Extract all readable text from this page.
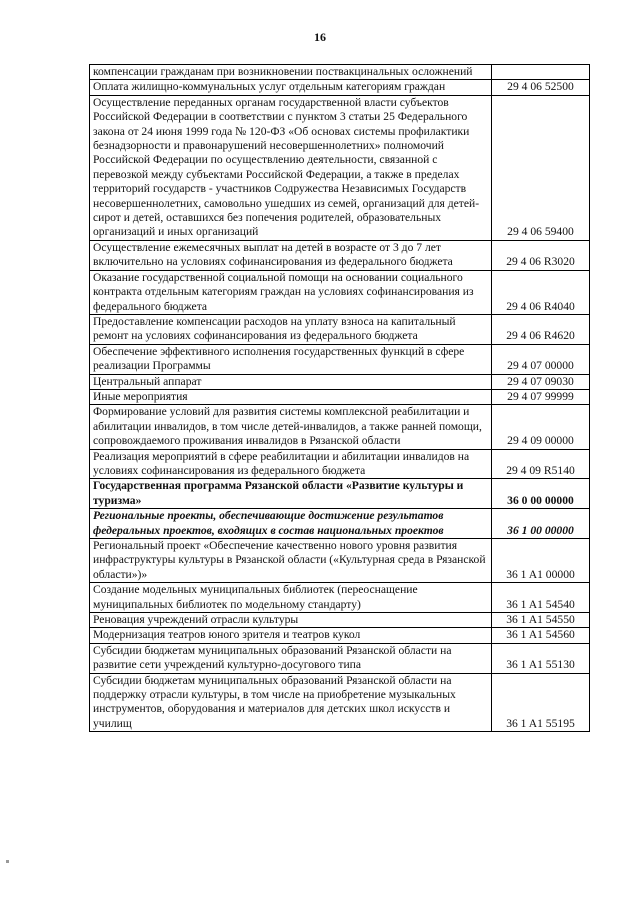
16
компенсации гражданам при возникновении поствакцинальных осложнений	
Оплата жилищно-коммунальных услуг отдельным категориям граждан	29 4 06 52500
Осуществление переданных органам государственной власти субъектов Российской Федерации в соответствии с пунктом 3 статьи 25 Федерального закона от 24 июня 1999 года № 120-ФЗ «Об основах системы профилактики безнадзорности и правонарушений несовершеннолетних» полномочий Российской Федерации по осуществлению деятельности, связанной с перевозкой между субъектами Российской Федерации, а также в пределах территорий государств - участников Содружества Независимых Государств несовершеннолетних, самовольно ушедших из семей, организаций для детей-сирот и детей, оставшихся без попечения родителей, образовательных организаций и иных организаций	29 4 06 59400
Осуществление ежемесячных выплат на детей в возрасте от 3 до 7 лет включительно на условиях софинансирования из федерального бюджета	29 4 06 R3020
Оказание государственной социальной помощи на основании социального контракта отдельным категориям граждан на условиях софинансирования из федерального бюджета	29 4 06 R4040
Предоставление компенсации расходов на уплату взноса на капитальный ремонт на условиях софинансирования из федерального бюджета	29 4 06 R4620
Обеспечение эффективного исполнения государственных функций в сфере реализации Программы	29 4 07 00000
Центральный аппарат	29 4 07 09030
Иные мероприятия	29 4 07 99999
Формирование условий для развития системы комплексной реабилитации и абилитации инвалидов, в том числе детей-инвалидов, а также ранней помощи, сопровождаемого проживания инвалидов в Рязанской области	29 4 09 00000
Реализация мероприятий в сфере реабилитации и абилитации инвалидов на условиях софинансирования из федерального бюджета	29 4 09 R5140
Государственная программа Рязанской области «Развитие культуры и туризма»	36 0 00 00000
Региональные проекты, обеспечивающие достижение результатов федеральных проектов, входящих в состав национальных проектов	36 1 00 00000
Региональный проект «Обеспечение качественно нового уровня развития инфраструктуры культуры в Рязанской области («Культурная среда в Рязанской области»)»	36 1 A1 00000
Создание модельных муниципальных библиотек (переоснащение муниципальных библиотек по модельному стандарту)	36 1 A1 54540
Реновация учреждений отрасли культуры	36 1 A1 54550
Модернизация театров юного зрителя и театров кукол	36 1 A1 54560
Субсидии бюджетам муниципальных образований Рязанской области на развитие сети учреждений культурно-досугового типа	36 1 A1 55130
Субсидии бюджетам муниципальных образований Рязанской области на поддержку отрасли культуры, в том числе на приобретение музыкальных инструментов, оборудования и материалов для детских школ искусств и училищ	36 1 A1 55195
